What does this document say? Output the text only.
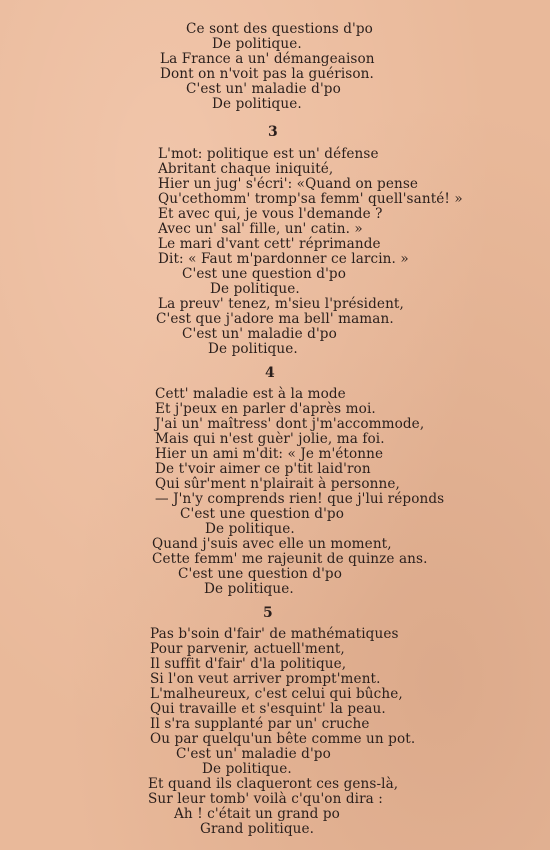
Ce sont des questions d'po
De politique.
La France a un' démangeaison
Dont on n'voit pas la guérison.
C'est un' maladie d'po
De politique.
3
L'mot: politique est un' défense
Abritant chaque iniquité,
Hier un jug' s'écri': «Quand on pense
Qu'cethomm' tromp'sa femm' quell'santé! »
Et avec qui, je vous l'demande ?
Avec un' sal' fille, un' catin. »
Le mari d'vant cett' réprimande
Dit: « Faut m'pardonner ce larcin. »
C'est une question d'po
De politique.
La preuv' tenez, m'sieu l'président,
C'est que j'adore ma bell' maman.
C'est un' maladie d'po
De politique.
4
Cett' maladie est à la mode
Et j'peux en parler d'après moi.
J'ai un' maîtress' dont j'm'accommode,
Mais qui n'est guèr' jolie, ma foi.
Hier un ami m'dit: « Je m'étonne
De t'voir aimer ce p'tit laid'ron
Qui sûr'ment n'plairait à personne,
— J'n'y comprends rien! que j'lui réponds
C'est une question d'po
De politique.
Quand j'suis avec elle un moment,
Cette femm' me rajeunit de quinze ans.
C'est une question d'po
De politique.
5
Pas b'soin d'fair' de mathématiques
Pour parvenir, actuell'ment,
Il suffit d'fair' d'la politique,
Si l'on veut arriver prompt'ment.
L'malheureux, c'est celui qui bûche,
Qui travaille et s'esquint' la peau.
Il s'ra supplanté par un' cruche
Ou par quelqu'un bête comme un pot.
C'est un' maladie d'po
De politique.
Et quand ils claqueront ces gens-là,
Sur leur tomb' voilà c'qu'on dira :
Ah ! c'était un grand po
Grand politique.
